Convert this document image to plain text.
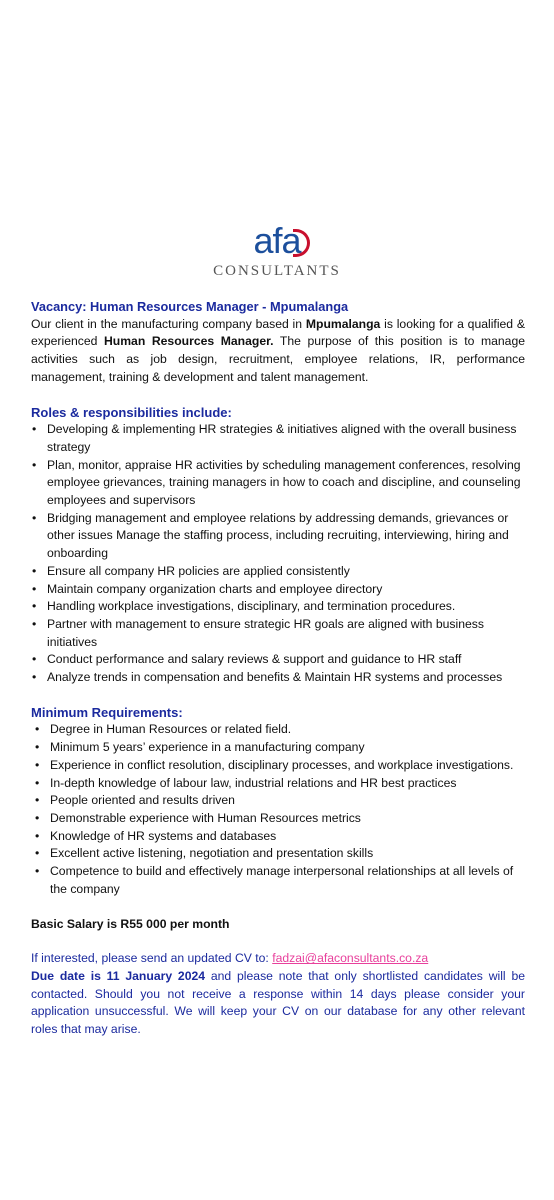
afa
CONSULTANTS
Vacancy: Human Resources Manager - Mpumalanga

Our client in the manufacturing company based in Mpumalanga is looking for a qualified & experienced Human Resources Manager. The purpose of this position is to manage activities such as job design, recruitment, employee relations, IR, performance management, training & development and talent management.

Roles & responsibilities include:
• Developing & implementing HR strategies & initiatives aligned with the overall business strategy
• Plan, monitor, appraise HR activities by scheduling management conferences, resolving employee grievances, training managers in how to coach and discipline, and counseling employees and supervisors
• Bridging management and employee relations by addressing demands, grievances or other issues Manage the staffing process, including recruiting, interviewing, hiring and onboarding
• Ensure all company HR policies are applied consistently
• Maintain company organization charts and employee directory
• Handling workplace investigations, disciplinary, and termination procedures.
• Partner with management to ensure strategic HR goals are aligned with business initiatives
• Conduct performance and salary reviews & support and guidance to HR staff
• Analyze trends in compensation and benefits & Maintain HR systems and processes
Minimum Requirements:
• Degree in Human Resources or related field.
• Minimum 5 years’ experience in a manufacturing company
• Experience in conflict resolution, disciplinary processes, and workplace investigations.
• In-depth knowledge of labour law, industrial relations and HR best practices
• People oriented and results driven
• Demonstrable experience with Human Resources metrics
• Knowledge of HR systems and databases
• Excellent active listening, negotiation and presentation skills
• Competence to build and effectively manage interpersonal relationships at all levels of the company

Basic Salary is R55 000 per month

If interested, please send an updated CV to: fadzai@afaconsultants.co.za
Due date is 11 January 2024 and please note that only shortlisted candidates will be contacted. Should you not receive a response within 14 days please consider your application unsuccessful. We will keep your CV on our database for any other relevant roles that may arise.
